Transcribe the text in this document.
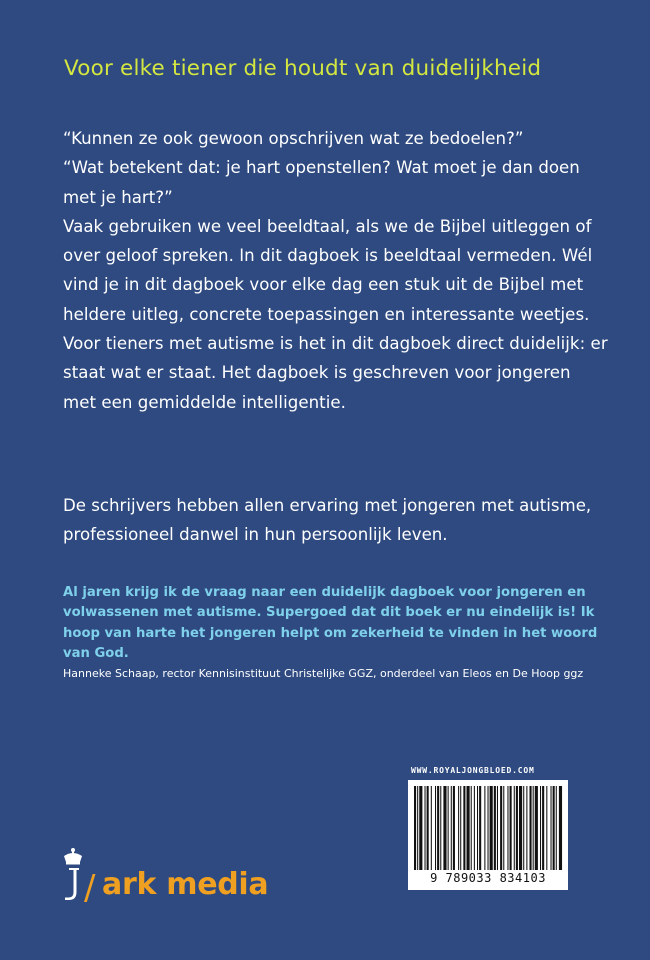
Voor elke tiener die houdt van duidelijkheid

“Kunnen ze ook gewoon opschrijven wat ze bedoelen?”

“Wat betekent dat: je hart openstellen? Wat moet je dan doen met je hart?”

Vaak gebruiken we veel beeldtaal, als we de Bijbel uitleggen of over geloof spreken. In dit dagboek is beeldtaal vermeden. Wél vind je in dit dagboek voor elke dag een stuk uit de Bijbel met heldere uitleg, concrete toepassingen en interessante weetjes. Voor tieners met autisme is het in dit dagboek direct duidelijk: er staat wat er staat. Het dagboek is geschreven voor jongeren met een gemiddelde intelligentie.

De schrijvers hebben allen ervaring met jongeren met autisme, professioneel danwel in hun persoonlijk leven.

Al jaren krijg ik de vraag naar een duidelijk dagboek voor jongeren en volwassenen met autisme. Supergoed dat dit boek er nu eindelijk is! Ik hoop van harte het jongeren helpt om zekerheid te vinden in het woord van God.

Hanneke Schaap, rector Kennisinstituut Christelijke GGZ, onderdeel van Eleos en De Hoop ggz

WWW.ROYALJONGBLOED.COM
9 789033 834103
/ ark media
